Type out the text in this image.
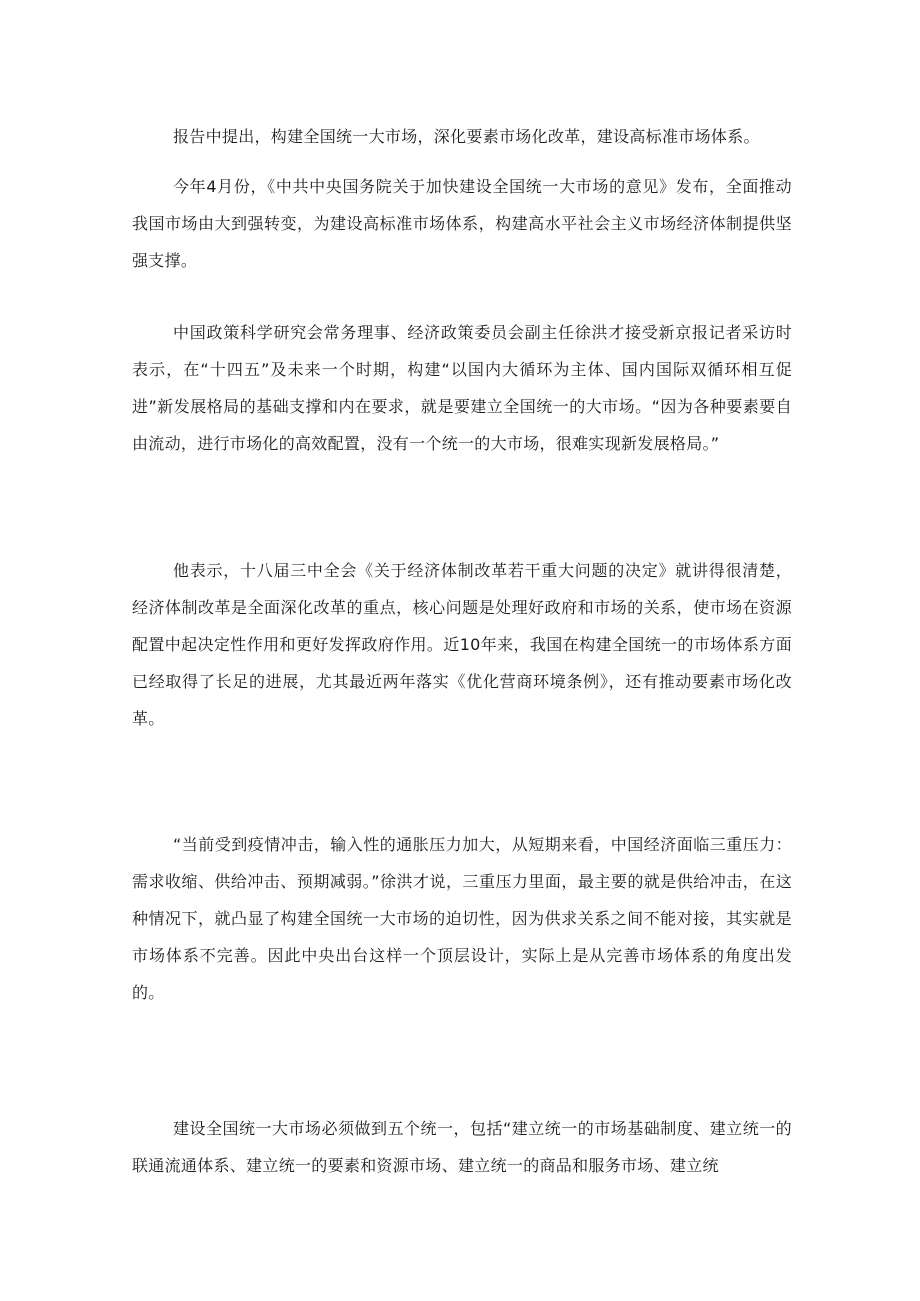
报告中提出，构建全国统一大市场，深化要素市场化改革，建设高标准市场体系。

今年4月份，《中共中央国务院关于加快建设全国统一大市场的意见》发布，全面推动我国市场由大到强转变，为建设高标准市场体系，构建高水平社会主义市场经济体制提供坚强支撑。

中国政策科学研究会常务理事、经济政策委员会副主任徐洪才接受新京报记者采访时表示，在“十四五”及未来一个时期，构建“以国内大循环为主体、国内国际双循环相互促进”新发展格局的基础支撑和内在要求，就是要建立全国统一的大市场。“因为各种要素要自由流动，进行市场化的高效配置，没有一个统一的大市场，很难实现新发展格局。”

他表示，十八届三中全会《关于经济体制改革若干重大问题的决定》就讲得很清楚，经济体制改革是全面深化改革的重点，核心问题是处理好政府和市场的关系，使市场在资源配置中起决定性作用和更好发挥政府作用。近10年来，我国在构建全国统一的市场体系方面已经取得了长足的进展，尤其最近两年落实《优化营商环境条例》，还有推动要素市场化改革。

“当前受到疫情冲击，输入性的通胀压力加大，从短期来看，中国经济面临三重压力：需求收缩、供给冲击、预期减弱。”徐洪才说，三重压力里面，最主要的就是供给冲击，在这种情况下，就凸显了构建全国统一大市场的迫切性，因为供求关系之间不能对接，其实就是市场体系不完善。因此中央出台这样一个顶层设计，实际上是从完善市场体系的角度出发的。

建设全国统一大市场必须做到五个统一，包括“建立统一的市场基础制度、建立统一的联通流通体系、建立统一的要素和资源市场、建立统一的商品和服务市场、建立统
